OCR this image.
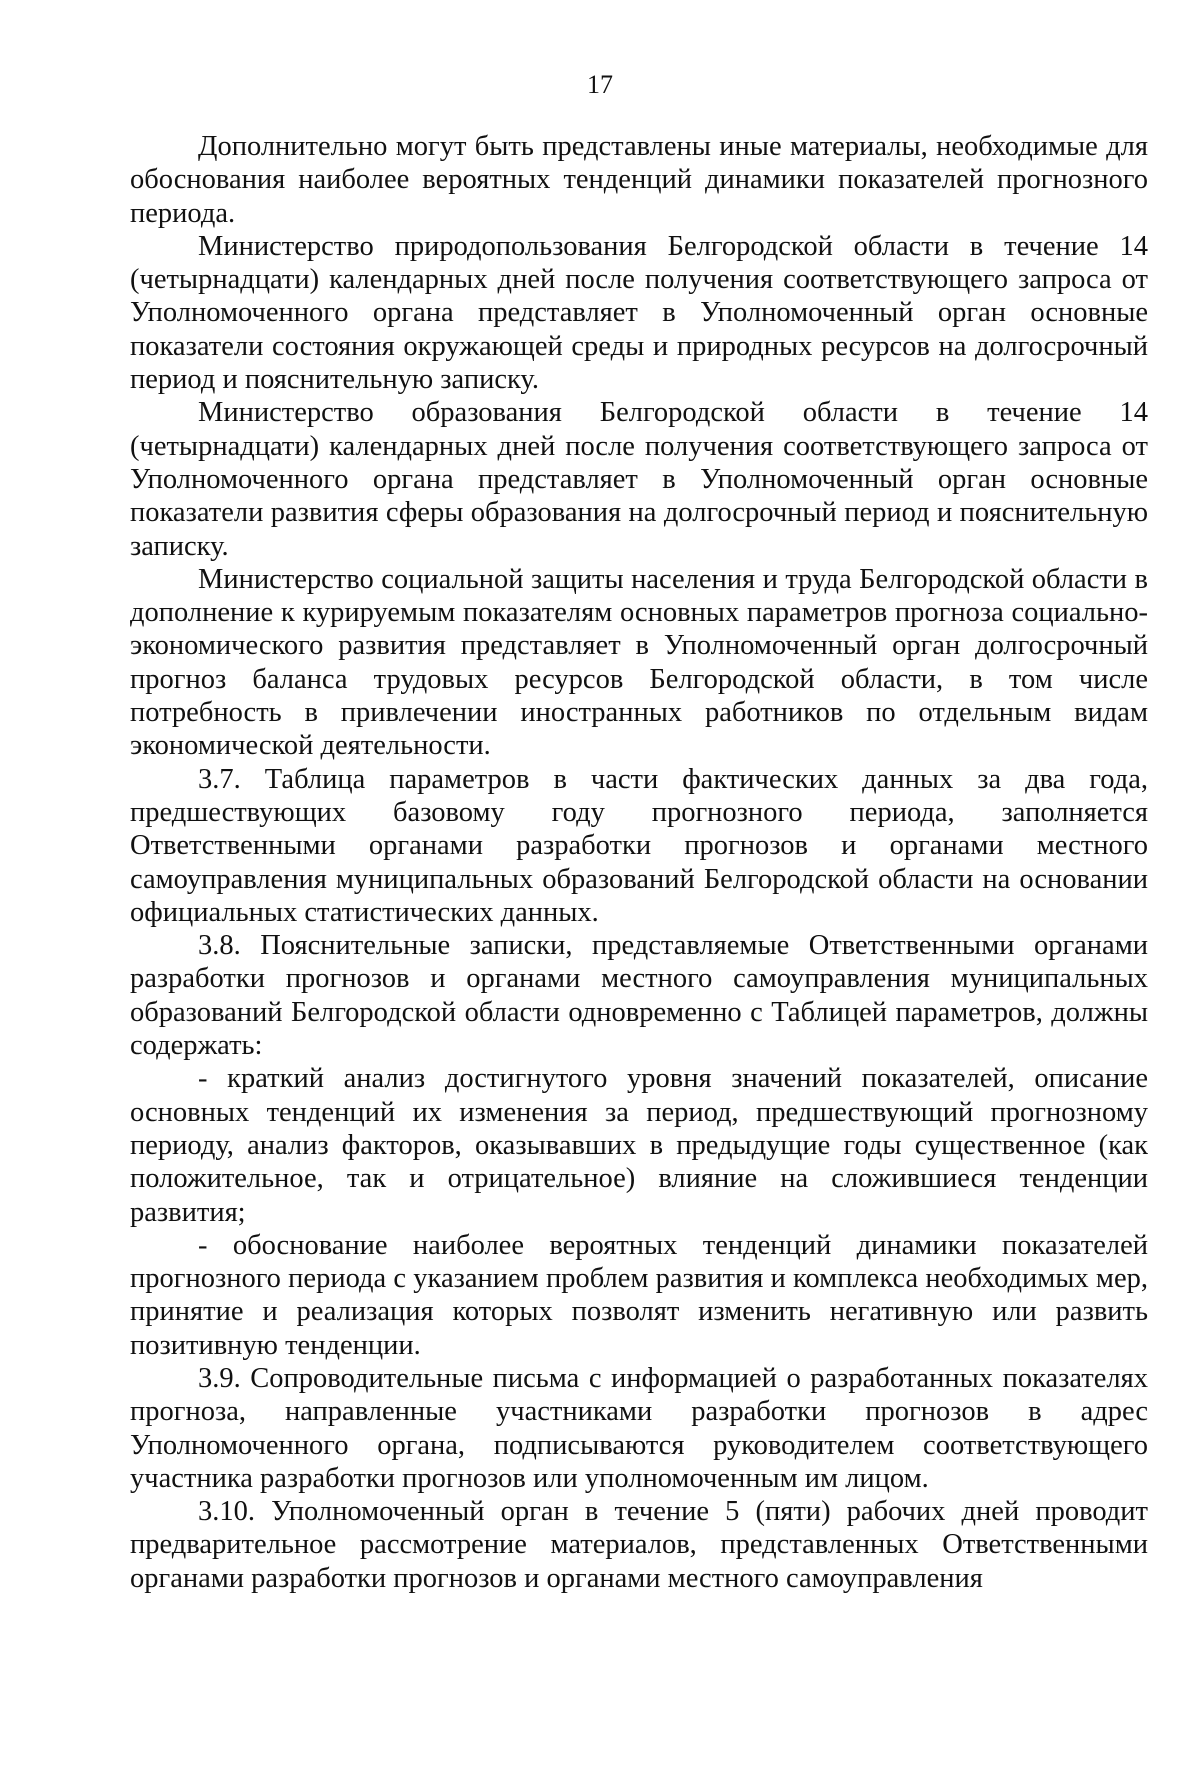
17

Дополнительно могут быть представлены иные материалы, необходимые для обоснования наиболее вероятных тенденций динамики показателей прогнозного периода.

Министерство природопользования Белгородской области в течение 14 (четырнадцати) календарных дней после получения соответствующего запроса от Уполномоченного органа представляет в Уполномоченный орган основные показатели состояния окружающей среды и природных ресурсов на долгосрочный период и пояснительную записку.

Министерство образования Белгородской области в течение 14 (четырнадцати) календарных дней после получения соответствующего запроса от Уполномоченного органа представляет в Уполномоченный орган основные показатели развития сферы образования на долгосрочный период и пояснительную записку.

Министерство социальной защиты населения и труда Белгородской области в дополнение к курируемым показателям основных параметров прогноза социально-экономического развития представляет в Уполномоченный орган долгосрочный прогноз баланса трудовых ресурсов Белгородской области, в том числе потребность в привлечении иностранных работников по отдельным видам экономической деятельности.

3.7. Таблица параметров в части фактических данных за два года, предшествующих базовому году прогнозного периода, заполняется Ответственными органами разработки прогнозов и органами местного самоуправления муниципальных образований Белгородской области на основании официальных статистических данных.

3.8. Пояснительные записки, представляемые Ответственными органами разработки прогнозов и органами местного самоуправления муниципальных образований Белгородской области одновременно с Таблицей параметров, должны содержать:

- краткий анализ достигнутого уровня значений показателей, описание основных тенденций их изменения за период, предшествующий прогнозному периоду, анализ факторов, оказывавших в предыдущие годы существенное (как положительное, так и отрицательное) влияние на сложившиеся тенденции развития;

- обоснование наиболее вероятных тенденций динамики показателей прогнозного периода с указанием проблем развития и комплекса необходимых мер, принятие и реализация которых позволят изменить негативную или развить позитивную тенденции.

3.9. Сопроводительные письма с информацией о разработанных показателях прогноза, направленные участниками разработки прогнозов в адрес Уполномоченного органа, подписываются руководителем соответствующего участника разработки прогнозов или уполномоченным им лицом.

3.10. Уполномоченный орган в течение 5 (пяти) рабочих дней проводит предварительное рассмотрение материалов, представленных Ответственными органами разработки прогнозов и органами местного самоуправления
